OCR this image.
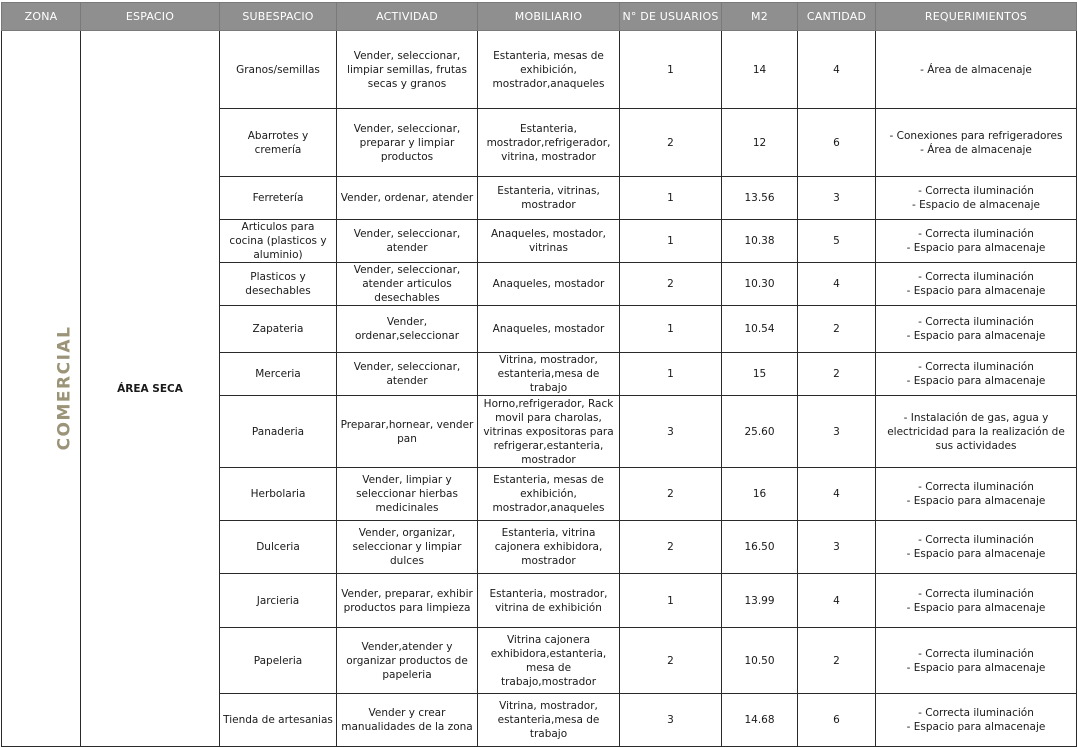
ZONA	ESPACIO	SUBESPACIO	ACTIVIDAD	MOBILIARIO	N° DE USUARIOS	M2	CANTIDAD	REQUERIMIENTOS
COMERCIAL	ÁREA SECA	Granos/semillas	Vender, seleccionar, limpiar semillas, frutas secas y granos	Estanteria, mesas de exhibición, mostrador,anaqueles	1	14	4	- Área de almacenaje

		Abarrotes y cremería	Vender, seleccionar, preparar y limpiar productos	Estanteria, mostrador,refrigerador, vitrina, mostrador	2	12	6	- Conexiones para refrigeradores
- Área de almacenaje

		Ferretería	Vender, ordenar, atender	Estanteria, vitrinas, mostrador	1	13.56	3	- Correcta iluminación
- Espacio de almacenaje

		Articulos para cocina (plasticos y aluminio)	Vender, seleccionar, atender	Anaqueles, mostador, vitrinas	1	10.38	5	- Correcta iluminación
- Espacio para almacenaje

		Plasticos y desechables	Vender, seleccionar, atender articulos desechables	Anaqueles, mostador	2	10.30	4	- Correcta iluminación
- Espacio para almacenaje

		Zapateria	Vender, ordenar,seleccionar	Anaqueles, mostador	1	10.54	2	- Correcta iluminación
- Espacio para almacenaje

		Merceria	Vender, seleccionar, atender	Vitrina, mostrador, estanteria,mesa de trabajo	1	15	2	- Correcta iluminación
- Espacio para almacenaje

		Panaderia	Preparar,hornear, vender pan	Horno,refrigerador, Rack movil para charolas, vitrinas expositoras para refrigerar,estanteria, mostrador	3	25.60	3	- Instalación de gas, agua y electricidad para la realización de sus actividades

		Herbolaria	Vender, limpiar y seleccionar hierbas medicinales	Estanteria, mesas de exhibición, mostrador,anaqueles	2	16	4	- Correcta iluminación
- Espacio para almacenaje

		Dulceria	Vender, organizar, seleccionar y limpiar dulces	Estanteria, vitrina cajonera exhibidora, mostrador	2	16.50	3	- Correcta iluminación
- Espacio para almacenaje

		Jarcieria	Vender, preparar, exhibir productos para limpieza	Estanteria, mostrador, vitrina de exhibición	1	13.99	4	- Correcta iluminación
- Espacio para almacenaje

		Papeleria	Vender,atender y organizar productos de papeleria	Vitrina cajonera exhibidora,estanteria, mesa de trabajo,mostrador	2	10.50	2	- Correcta iluminación
- Espacio para almacenaje

		Tienda de artesanias	Vender y crear manualidades de la zona	Vitrina, mostrador, estanteria,mesa de trabajo	3	14.68	6	- Correcta iluminación
- Espacio para almacenaje
